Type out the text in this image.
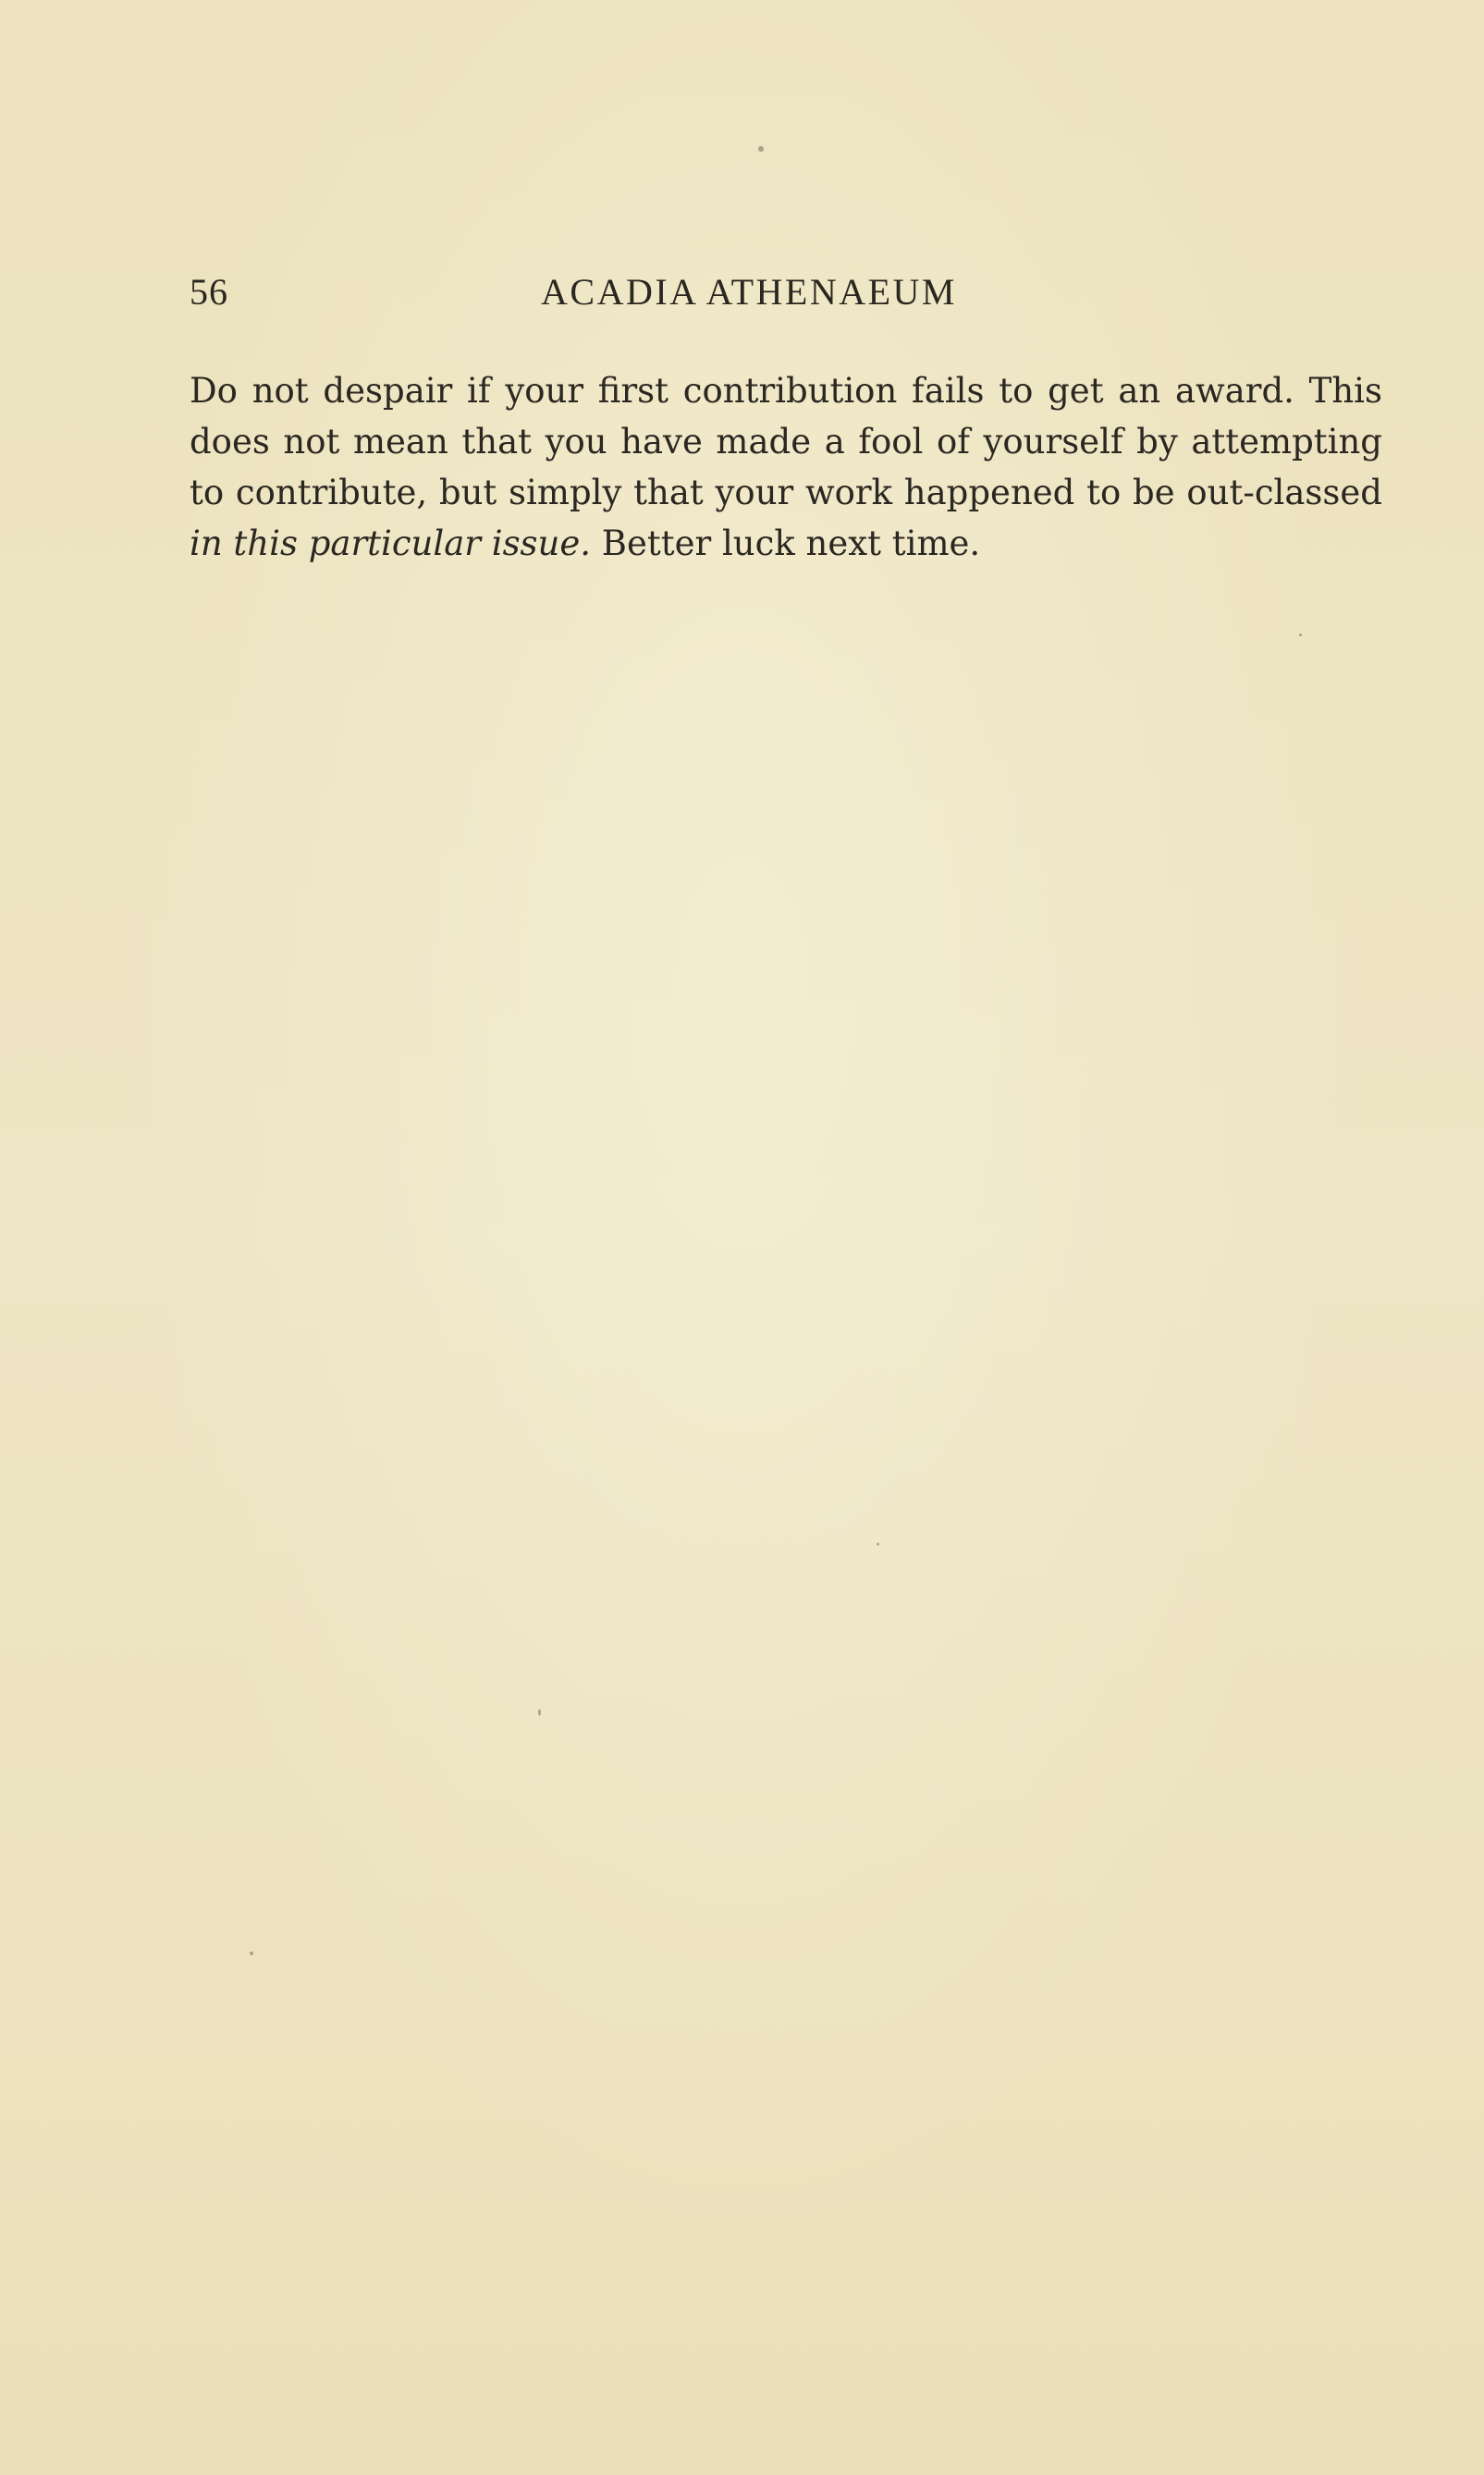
56	ACADIA ATHENAEUM

Do not despair if your first contribution fails to get an award. This does not mean that you have made a fool of yourself by attempting to contribute, but simply that your work happened to be out-classed in this particular issue. Better luck next time.
